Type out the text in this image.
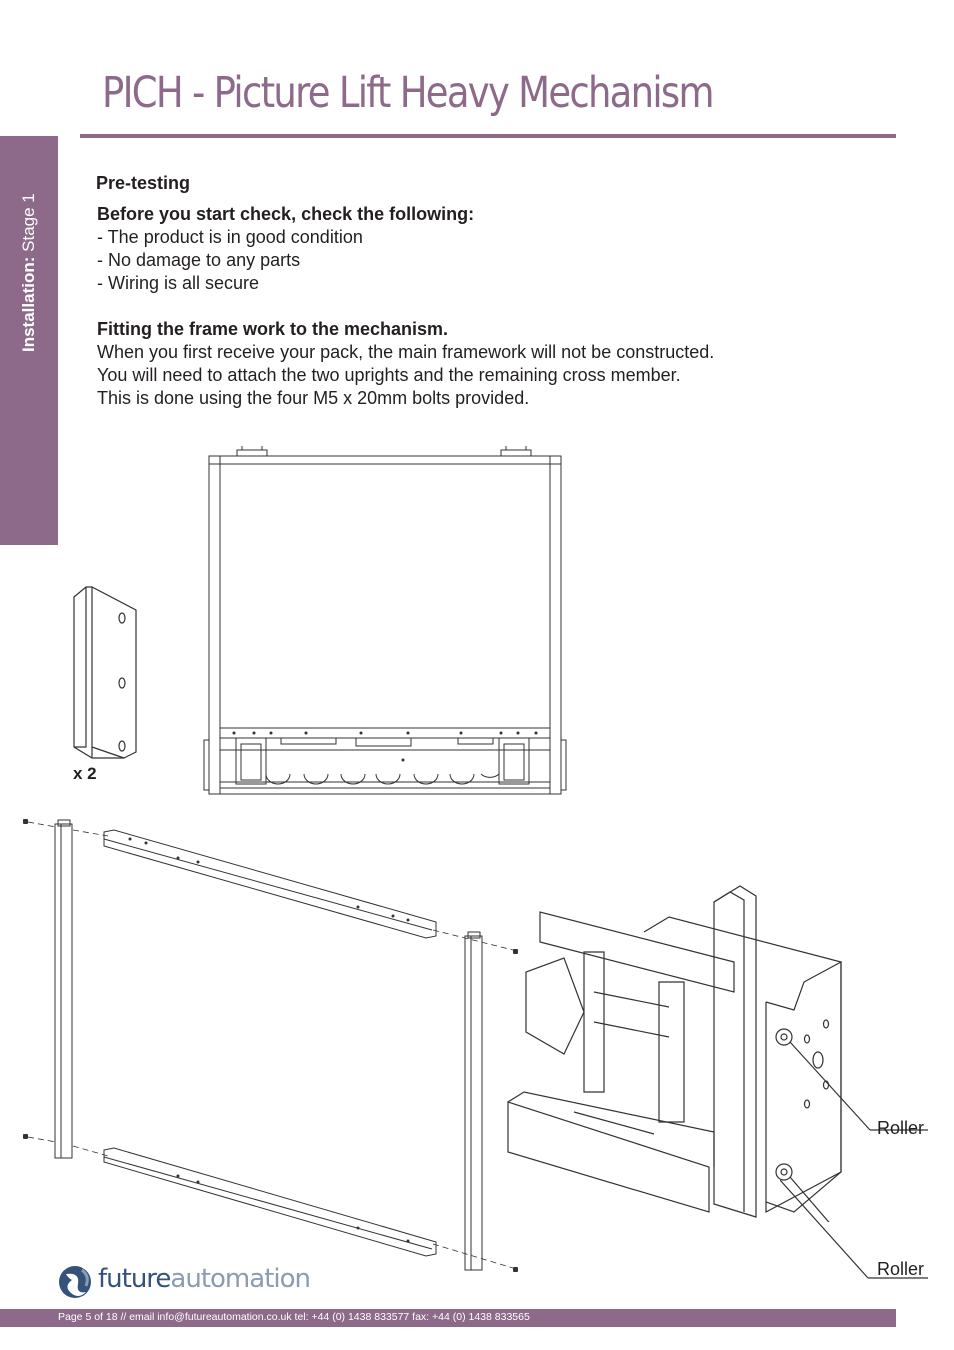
PICH - Picture Lift Heavy Mechanism
Installation: Stage 1
Pre-testing
Before you start check, check the following:
- The product is in good condition
- No damage to any parts
- Wiring is all secure
Fitting the frame work to the mechanism.
When you first receive your pack, the main framework will not be constructed.
You will need to attach the two uprights and the remaining cross member.
This is done using the four M5 x 20mm bolts provided.
x 2
Roller
Roller
futureautomation
Page 5 of 18 // email info@futureautomation.co.uk tel: +44 (0) 1438 833577 fax: +44 (0) 1438 833565
